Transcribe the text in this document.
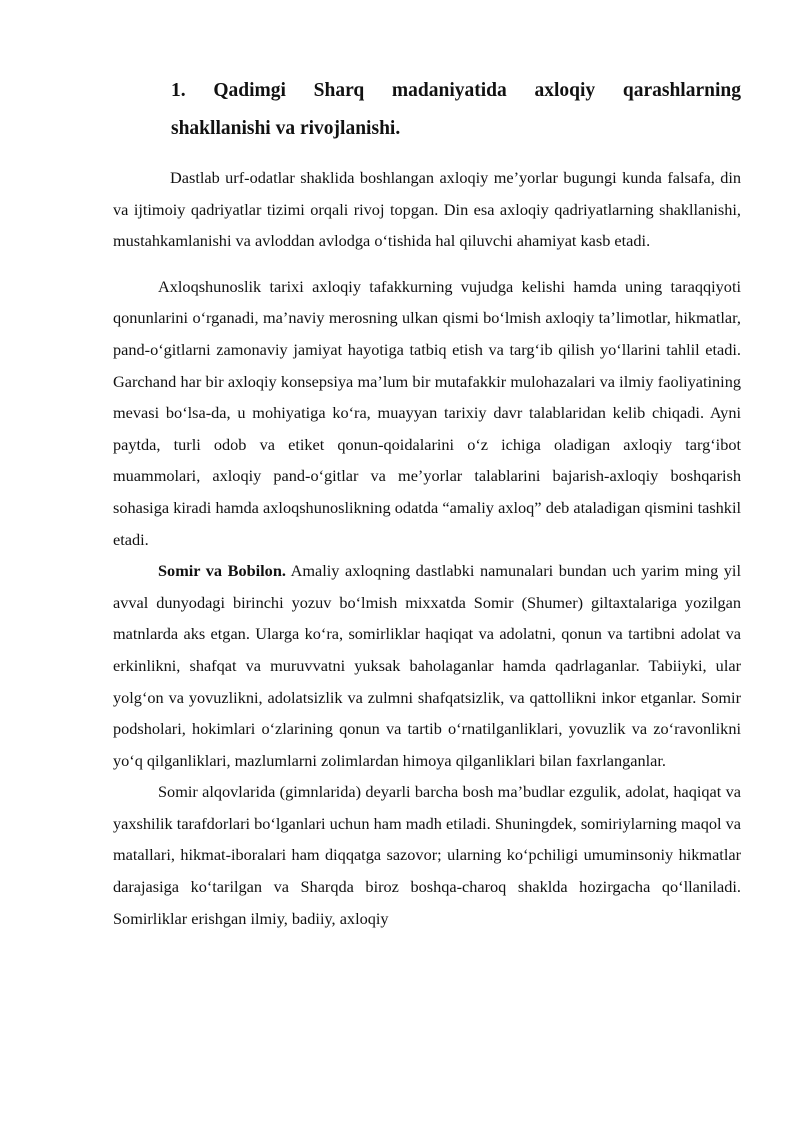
1. Qadimgi Sharq madaniyatida axloqiy qarashlarning
shakllanishi va rivojlanishi.

Dastlab urf-odatlar shaklida boshlangan axloqiy me’yorlar bugungi kunda falsafa, din va ijtimoiy qadriyatlar tizimi orqali rivoj topgan. Din esa axloqiy qadriyatlarning shakllanishi, mustahkamlanishi va avloddan avlodga o‘tishida hal qiluvchi ahamiyat kasb etadi.

Axloqshunoslik tarixi axloqiy tafakkurning vujudga kelishi hamda uning taraqqiyoti qonunlarini o‘rganadi, ma’naviy merosning ulkan qismi bo‘lmish axloqiy ta’limotlar, hikmatlar, pand-o‘gitlarni zamonaviy jamiyat hayotiga tatbiq etish va targ‘ib qilish yo‘llarini tahlil etadi. Garchand har bir axloqiy konsepsiya ma’lum bir mutafakkir mulohazalari va ilmiy faoliyatining mevasi bo‘lsa-da, u mohiyatiga ko‘ra, muayyan tarixiy davr talablaridan kelib chiqadi. Ayni paytda, turli odob va etiket qonun-qoidalarini o‘z ichiga oladigan axloqiy targ‘ibot muammolari, axloqiy pand-o‘gitlar va me’yorlar talablarini bajarish-axloqiy boshqarish sohasiga kiradi hamda axloqshunoslikning odatda “amaliy axloq” deb ataladigan qismini tashkil etadi.

Somir va Bobilon. Amaliy axloqning dastlabki namunalari bundan uch yarim ming yil avval dunyodagi birinchi yozuv bo‘lmish mixxatda Somir (Shumer) giltaxtalariga yozilgan matnlarda aks etgan. Ularga ko‘ra, somirliklar haqiqat va adolatni, qonun va tartibni adolat va erkinlikni, shafqat va muruvvatni yuksak baholaganlar hamda qadrlaganlar. Tabiiyki, ular yolg‘on va yovuzlikni, adolatsizlik va zulmni shafqatsizlik, va qattollikni inkor etganlar. Somir podsholari, hokimlari o‘zlarining qonun va tartib o‘rnatilganliklari, yovuzlik va zo‘ravonlikni yo‘q qilganliklari, mazlumlarni zolimlardan himoya qilganliklari bilan faxrlanganlar.

Somir alqovlarida (gimnlarida) deyarli barcha bosh ma’budlar ezgulik, adolat, haqiqat va yaxshilik tarafdorlari bo‘lganlari uchun ham madh etiladi. Shuningdek, somiriylarning maqol va matallari, hikmat-iboralari ham diqqatga sazovor; ularning ko‘pchiligi umuminsoniy hikmatlar darajasiga ko‘tarilgan va Sharqda biroz boshqa-charoq shaklda hozirgacha qo‘llaniladi. Somirliklar erishgan ilmiy, badiiy, axloqiy
